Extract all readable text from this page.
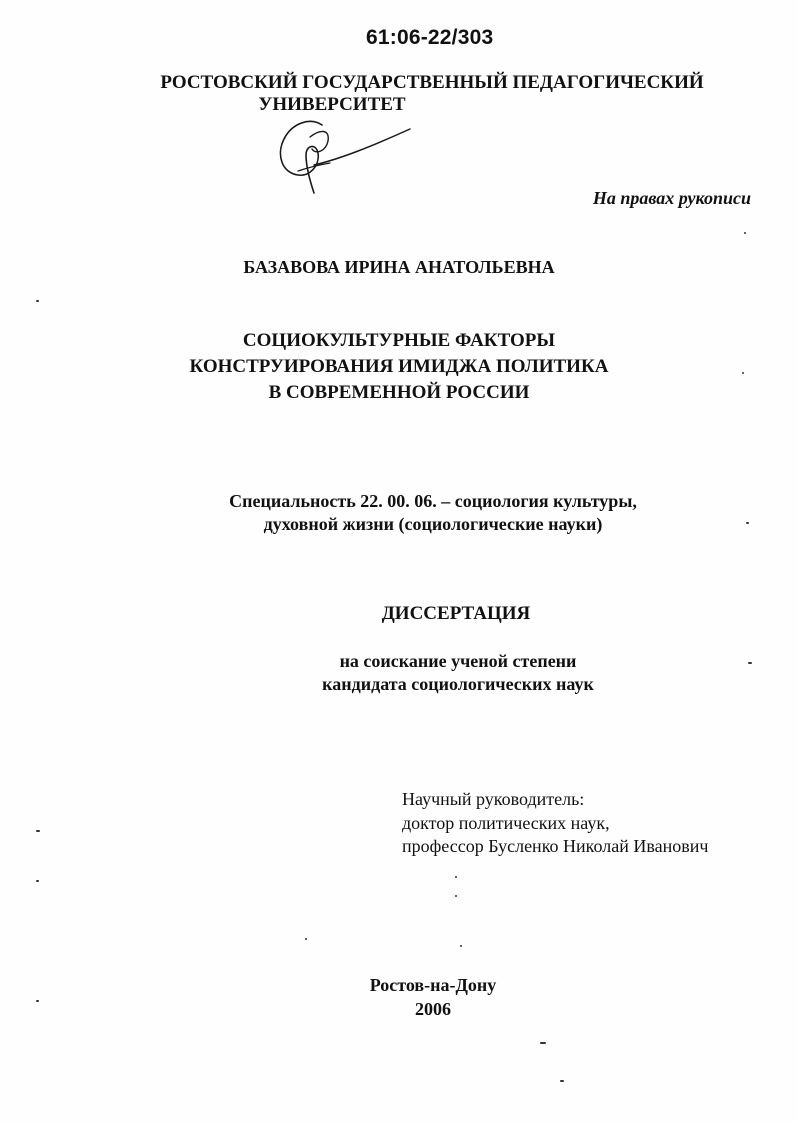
61:06-22/303
РОСТОВСКИЙ ГОСУДАРСТВЕННЫЙ ПЕДАГОГИЧЕСКИЙ
УНИВЕРСИТЕТ
На правах рукописи
БАЗАВОВА ИРИНА АНАТОЛЬЕВНА
СОЦИОКУЛЬТУРНЫЕ ФАКТОРЫ
КОНСТРУИРОВАНИЯ ИМИДЖА ПОЛИТИКА
В СОВРЕМЕННОЙ РОССИИ
Специальность 22. 00. 06. – социология культуры,
духовной жизни (социологические науки)
ДИССЕРТАЦИЯ
на соискание ученой степени
кандидата социологических наук
Научный руководитель:
доктор политических наук,
профессор Бусленко Николай Иванович
Ростов-на-Дону
2006
